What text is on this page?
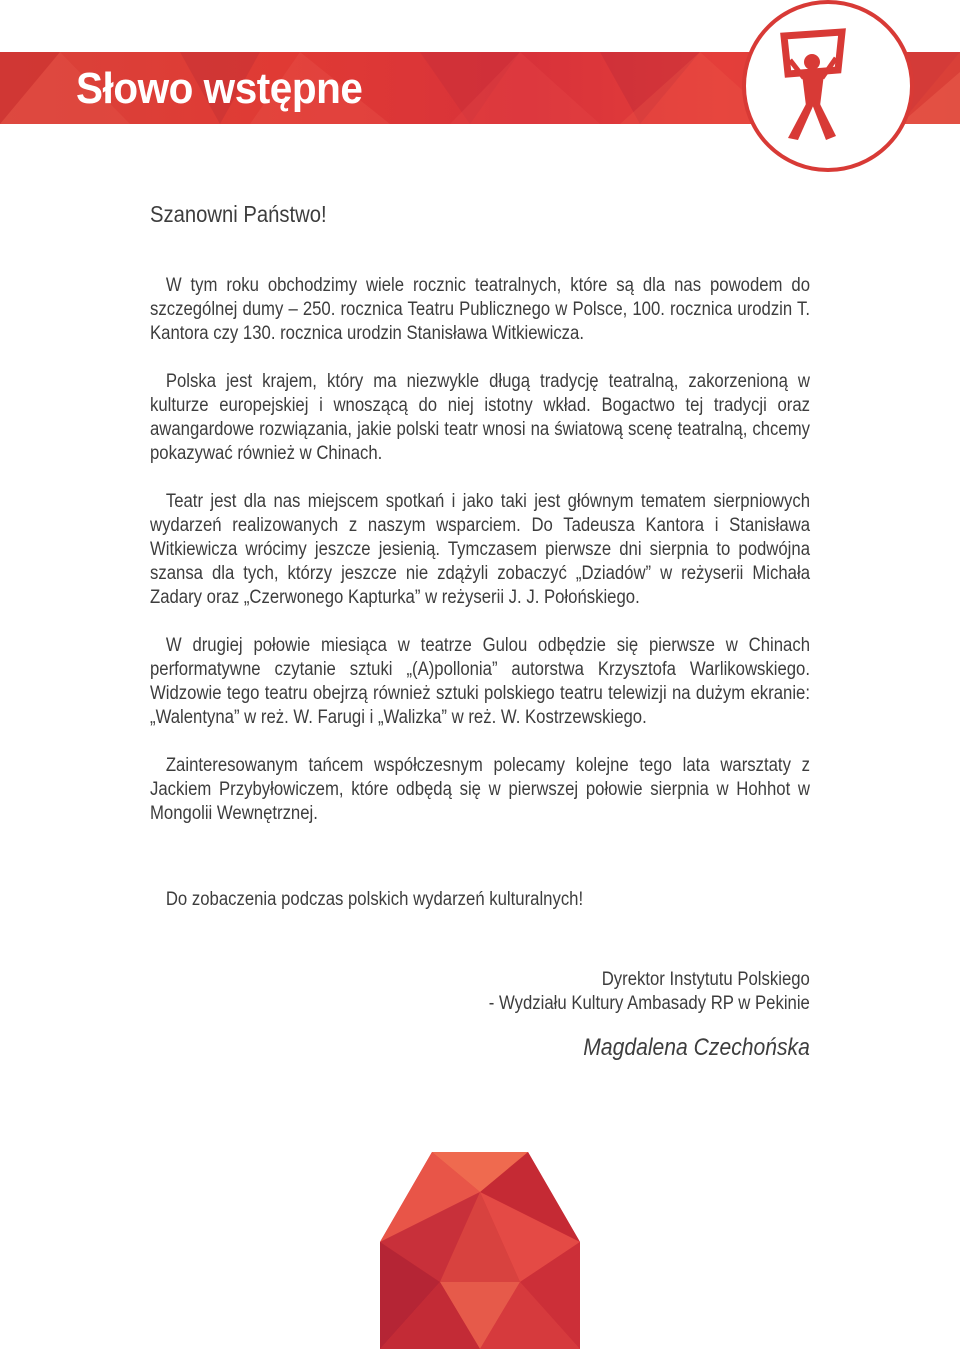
Słowo wstępne
Szanowni Państwo!

W tym roku obchodzimy wiele rocznic teatralnych, które są dla nas powodem do szczególnej dumy – 250. rocznica Teatru Publicznego w Polsce, 100. rocznica urodzin T. Kantora czy 130. rocznica urodzin Stanisława Witkiewicza.

Polska jest krajem, który ma niezwykle długą tradycję teatralną, zakorzenioną w kulturze europejskiej i wnoszącą do niej istotny wkład. Bogactwo tej tradycji oraz awangardowe rozwiązania, jakie polski teatr wnosi na światową scenę teatralną, chcemy pokazywać również w Chinach.

Teatr jest dla nas miejscem spotkań i jako taki jest głównym tematem sierpniowych wydarzeń realizowanych z naszym wsparciem. Do Tadeusza Kantora i Stanisława Witkiewicza wrócimy jeszcze jesienią. Tymczasem pierwsze dni sierpnia to podwójna szansa dla tych, którzy jeszcze nie zdążyli zobaczyć „Dziadów” w reżyserii Michała Zadary oraz „Czerwonego Kapturka” w reżyserii J. J. Połońskiego.

W drugiej połowie miesiąca w teatrze Gulou odbędzie się pierwsze w Chinach performatywne czytanie sztuki „(A)pollonia” autorstwa Krzysztofa Warlikowskiego. Widzowie tego teatru obejrzą również sztuki polskiego teatru telewizji na dużym ekranie: „Walentyna” w reż. W. Farugi i „Walizka” w reż. W. Kostrzewskiego.

Zainteresowanym tańcem współczesnym polecamy kolejne tego lata warsztaty z Jackiem Przybyłowiczem, które odbędą się w pierwszej połowie sierpnia w Hohhot w Mongolii Wewnętrznej.

Do zobaczenia podczas polskich wydarzeń kulturalnych!
Dyrektor Instytutu Polskiego
- Wydziału Kultury Ambasady RP w Pekinie
Magdalena Czechońska
